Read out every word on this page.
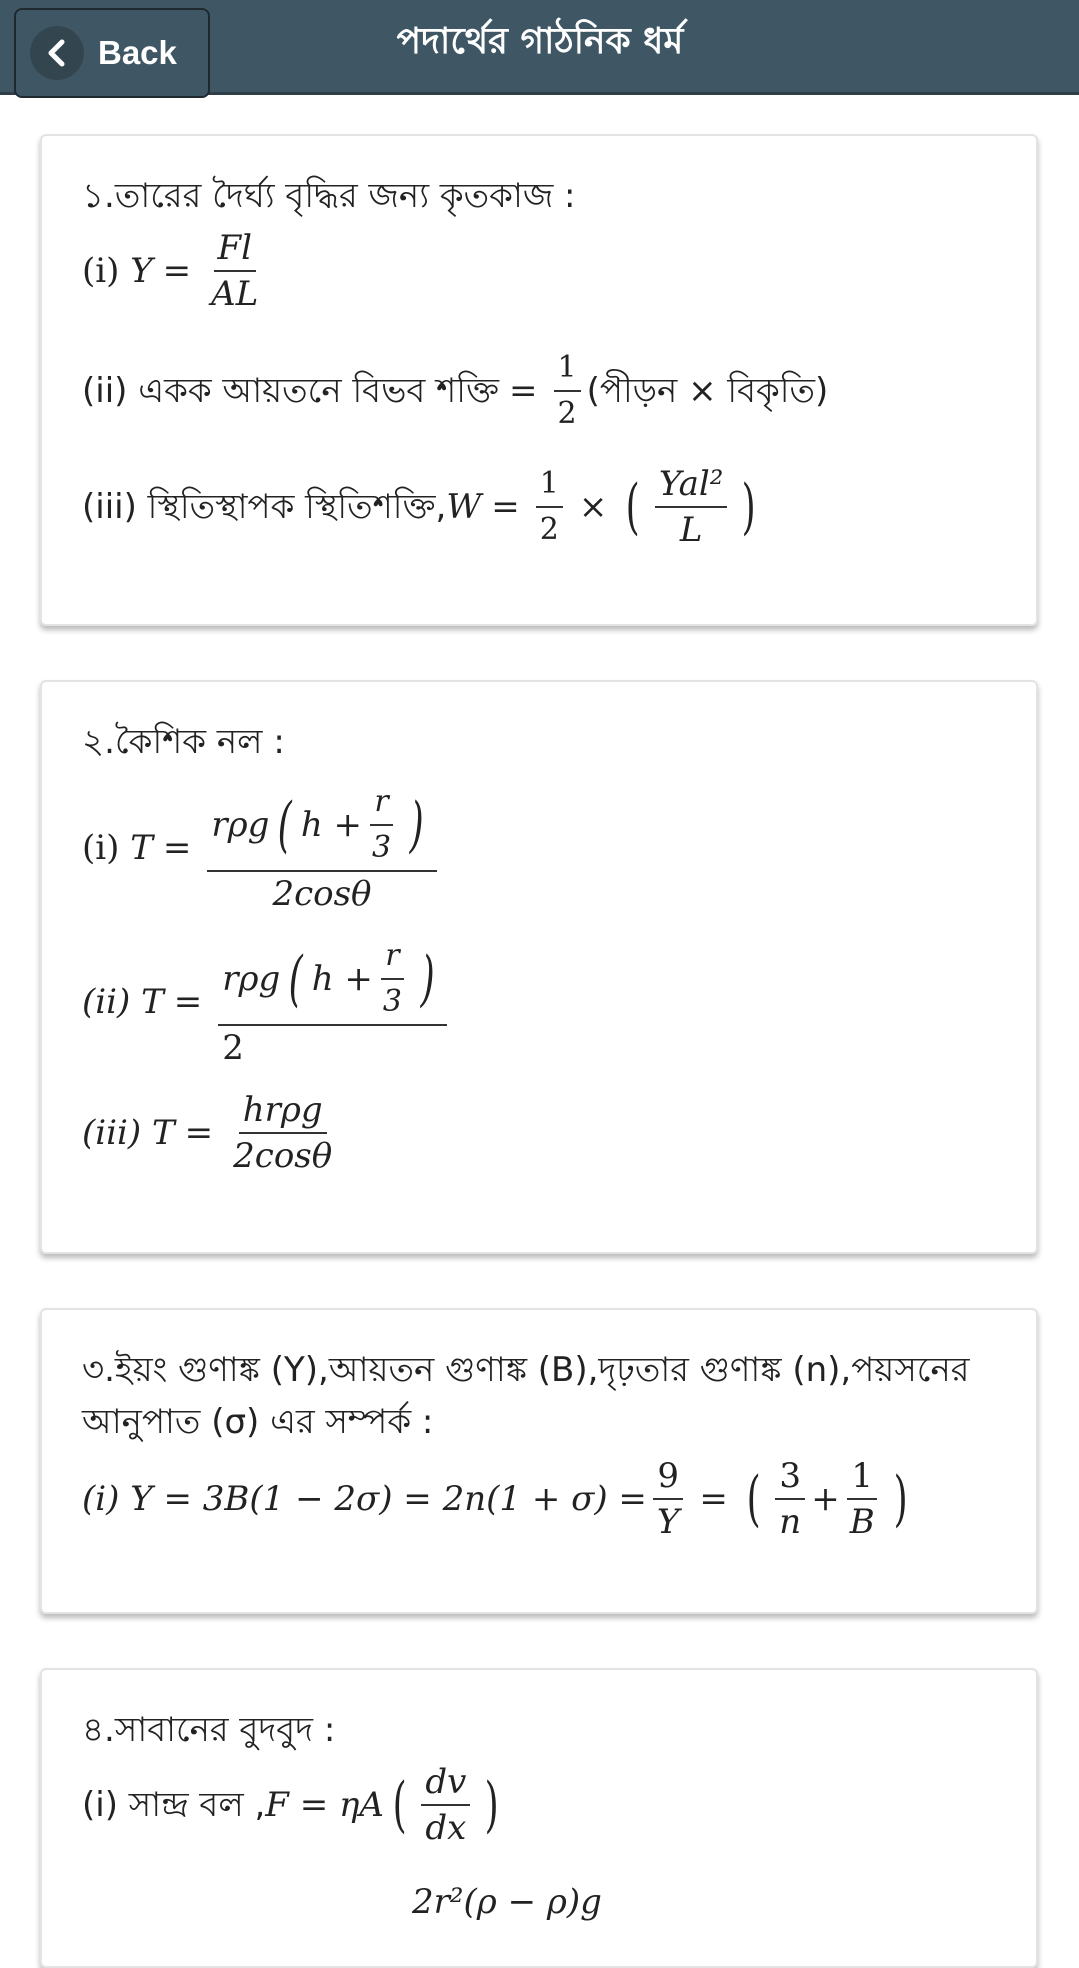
Back	পদার্থের গাঠনিক ধর্ম
১.তারের দৈর্ঘ্য বৃদ্ধির জন্য কৃতকাজ :
(i)
$Y = \frac{Fl}{AL}$
(ii) একক আয়তনে বিভব শক্তি = $\frac{1}{2}$ (পীড়ন × বিকৃতি)
(iii) স্থিতিস্থাপক স্থিতিশক্তি, $W = \frac{1}{2}$ × ( $\frac{\text{Yal²}}{L}$ )
২.কৈশিক নল :
(i)
$T = \frac{r\rho g ( h + \frac{r}{3} )}{2\cos\theta}$
(ii)
$T = \frac{r\rho g ( h + \frac{r}{3} )}{2}$
(iii)
$T = \frac{\text{hrρg}}{2\cos\theta}$
৩.ইয়ং গুণাঙ্ক (Y),আয়তন গুণাঙ্ক (B),দৃঢ়তার গুণাঙ্ক (n),পয়সনের আনুপাত (σ) এর সম্পর্ক :
(i)
$Y = 3B(1 - 2\sigma) = 2n(1 + \sigma) = \frac{9}{Y}$ = ( $\frac{3}{n} + \frac{1}{B}$ )
৪.সাবানের বুদবুদ :
(i) সান্দ্র বল , F = ηA ( $\frac{dv}{dx}$ )
2r²(ρ − ρ)g
